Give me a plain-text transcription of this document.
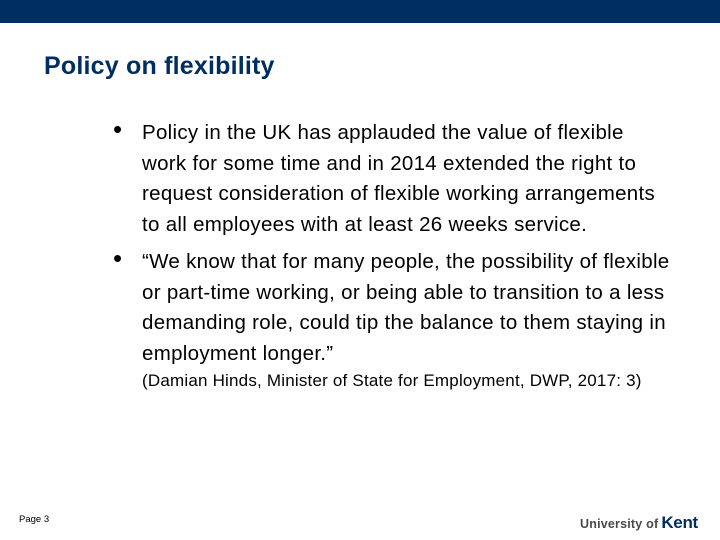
Policy on flexibility
• Policy in the UK has applauded the value of flexible work for some time and in 2014 extended the right to request consideration of flexible working arrangements to all employees with at least 26 weeks service.
• “We know that for many people, the possibility of flexible or part-time working, or being able to transition to a less demanding role, could tip the balance to them staying in employment longer.”
(Damian Hinds, Minister of State for Employment, DWP, 2017: 3)
Page 3	University of Kent
